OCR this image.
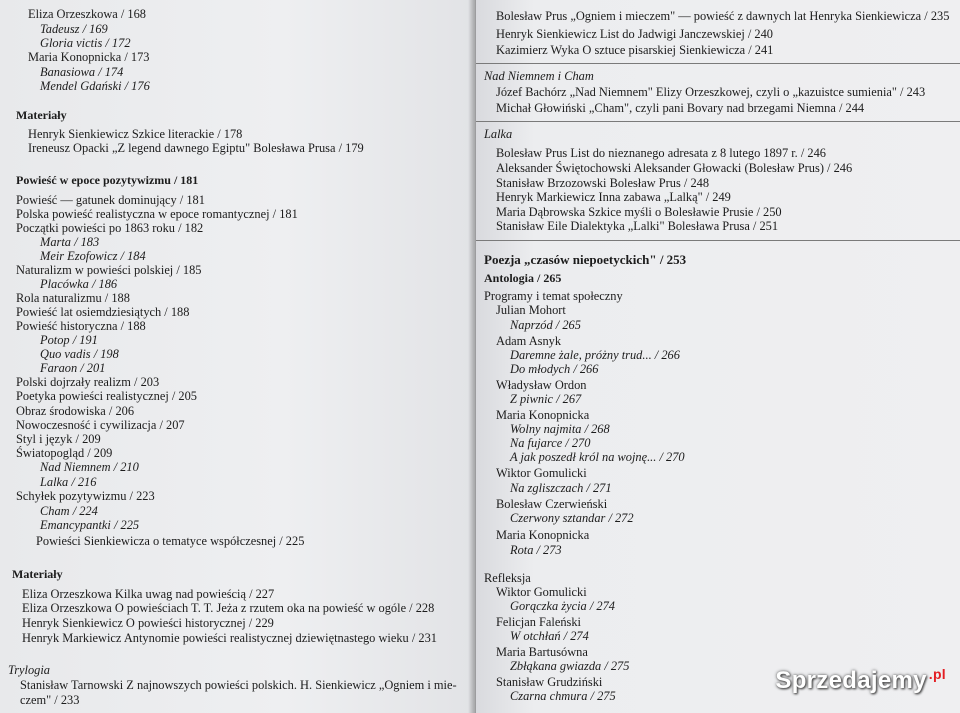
Eliza Orzeszkowa / 168
Tadeusz / 169
Gloria victis / 172
Maria Konopnicka / 173
Banasiowa / 174
Mendel Gdański / 176
Materiały
Henryk Sienkiewicz Szkice literackie / 178
Ireneusz Opacki „Z legend dawnego Egiptu" Bolesława Prusa / 179
Powieść w epoce pozytywizmu / 181
Powieść — gatunek dominujący / 181
Polska powieść realistyczna w epoce romantycznej / 181
Początki powieści po 1863 roku / 182
Marta / 183
Meir Ezofowicz / 184
Naturalizm w powieści polskiej / 185
Placówka / 186
Rola naturalizmu / 188
Powieść lat osiemdziesiątych / 188
Powieść historyczna / 188
Potop / 191
Quo vadis / 198
Faraon / 201
Polski dojrzały realizm / 203
Poetyka powieści realistycznej / 205
Obraz środowiska / 206
Nowoczesność i cywilizacja / 207
Styl i język / 209
Światopogląd / 209
Nad Niemnem / 210
Lalka / 216
Schyłek pozytywizmu / 223
Cham / 224
Emancypantki / 225
Powieści Sienkiewicza o tematyce współczesnej / 225
Materiały
Eliza Orzeszkowa Kilka uwag nad powieścią / 227
Eliza Orzeszkowa O powieściach T. T. Jeża z rzutem oka na powieść w ogóle / 228
Henryk Sienkiewicz O powieści historycznej / 229
Henryk Markiewicz Antynomie powieści realistycznej dziewiętnastego wieku / 231
Trylogia
Stanisław Tarnowski Z najnowszych powieści polskich. H. Sienkiewicz „Ogniem i mie-
czem" / 233
Bolesław Prus „Ogniem i mieczem" — powieść z dawnych lat Henryka Sienkiewicza / 235
Henryk Sienkiewicz List do Jadwigi Janczewskiej / 240
Kazimierz Wyka O sztuce pisarskiej Sienkiewicza / 241
Nad Niemnem i Cham
Józef Bachórz „Nad Niemnem" Elizy Orzeszkowej, czyli o „kazuistce sumienia" / 243
Michał Głowiński „Cham", czyli pani Bovary nad brzegami Niemna / 244
Lalka
Bolesław Prus List do nieznanego adresata z 8 lutego 1897 r. / 246
Aleksander Świętochowski Aleksander Głowacki (Bolesław Prus) / 246
Stanisław Brzozowski Bolesław Prus / 248
Henryk Markiewicz Inna zabawa „Lalką" / 249
Maria Dąbrowska Szkice myśli o Bolesławie Prusie / 250
Stanisław Eile Dialektyka „Lalki" Bolesława Prusa / 251
Poezja „czasów niepoetyckich" / 253
Antologia / 265
Programy i temat społeczny
Julian Mohort
Naprzód / 265
Adam Asnyk
Daremne żale, próżny trud... / 266
Do młodych / 266
Władysław Ordon
Z piwnic / 267
Maria Konopnicka
Wolny najmita / 268
Na fujarce / 270
A jak poszedł król na wojnę... / 270
Wiktor Gomulicki
Na zgliszczach / 271
Bolesław Czerwieński
Czerwony sztandar / 272
Maria Konopnicka
Rota / 273
Refleksja
Wiktor Gomulicki
Gorączka życia / 274
Felicjan Faleński
W otchłań / 274
Maria Bartusówna
Zbłąkana gwiazda / 275
Stanisław Grudziński
Czarna chmura / 275
Sprzedajemy $^{.pl}$
